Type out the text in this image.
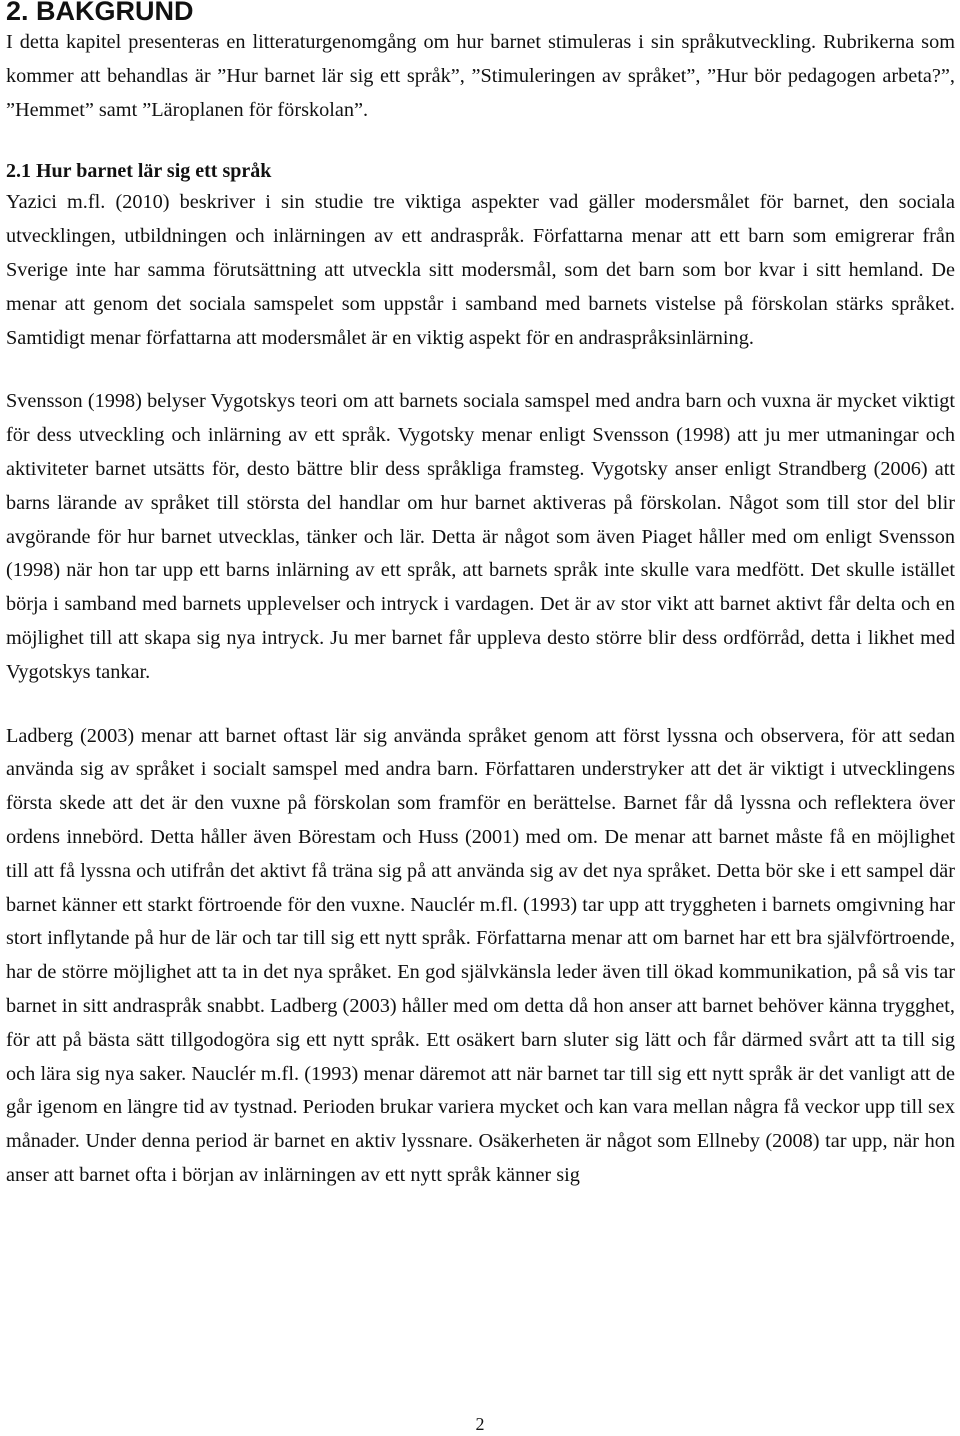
2. BAKGRUND

I detta kapitel presenteras en litteraturgenomgång om hur barnet stimuleras i sin språkutveckling. Rubrikerna som kommer att behandlas är ”Hur barnet lär sig ett språk”, ”Stimuleringen av språket”, ”Hur bör pedagogen arbeta?”, ”Hemmet” samt ”Läroplanen för förskolan”.

2.1 Hur barnet lär sig ett språk

Yazici m.fl. (2010) beskriver i sin studie tre viktiga aspekter vad gäller modersmålet för barnet, den sociala utvecklingen, utbildningen och inlärningen av ett andraspråk. Författarna menar att ett barn som emigrerar från Sverige inte har samma förutsättning att utveckla sitt modersmål, som det barn som bor kvar i sitt hemland. De menar att genom det sociala samspelet som uppstår i samband med barnets vistelse på förskolan stärks språket. Samtidigt menar författarna att modersmålet är en viktig aspekt för en andraspråksinlärning.

Svensson (1998) belyser Vygotskys teori om att barnets sociala samspel med andra barn och vuxna är mycket viktigt för dess utveckling och inlärning av ett språk. Vygotsky menar enligt Svensson (1998) att ju mer utmaningar och aktiviteter barnet utsätts för, desto bättre blir dess språkliga framsteg. Vygotsky anser enligt Strandberg (2006) att barns lärande av språket till största del handlar om hur barnet aktiveras på förskolan. Något som till stor del blir avgörande för hur barnet utvecklas, tänker och lär. Detta är något som även Piaget håller med om enligt Svensson (1998) när hon tar upp ett barns inlärning av ett språk, att barnets språk inte skulle vara medfött. Det skulle istället börja i samband med barnets upplevelser och intryck i vardagen. Det är av stor vikt att barnet aktivt får delta och en möjlighet till att skapa sig nya intryck. Ju mer barnet får uppleva desto större blir dess ordförråd, detta i likhet med Vygotskys tankar.

Ladberg (2003) menar att barnet oftast lär sig använda språket genom att först lyssna och observera, för att sedan använda sig av språket i socialt samspel med andra barn. Författaren understryker att det är viktigt i utvecklingens första skede att det är den vuxne på förskolan som framför en berättelse. Barnet får då lyssna och reflektera över ordens innebörd. Detta håller även Börestam och Huss (2001) med om. De menar att barnet måste få en möjlighet till att få lyssna och utifrån det aktivt få träna sig på att använda sig av det nya språket. Detta bör ske i ett sampel där barnet känner ett starkt förtroende för den vuxne. Nauclér m.fl. (1993) tar upp att tryggheten i barnets omgivning har stort inflytande på hur de lär och tar till sig ett nytt språk. Författarna menar att om barnet har ett bra självförtroende, har de större möjlighet att ta in det nya språket. En god självkänsla leder även till ökad kommunikation, på så vis tar barnet in sitt andraspråk snabbt. Ladberg (2003) håller med om detta då hon anser att barnet behöver känna trygghet, för att på bästa sätt tillgodogöra sig ett nytt språk. Ett osäkert barn sluter sig lätt och får därmed svårt att ta till sig och lära sig nya saker. Nauclér m.fl. (1993) menar däremot att när barnet tar till sig ett nytt språk är det vanligt att de går igenom en längre tid av tystnad. Perioden brukar variera mycket och kan vara mellan några få veckor upp till sex månader. Under denna period är barnet en aktiv lyssnare. Osäkerheten är något som Ellneby (2008) tar upp, när hon anser att barnet ofta i början av inlärningen av ett nytt språk känner sig

2
